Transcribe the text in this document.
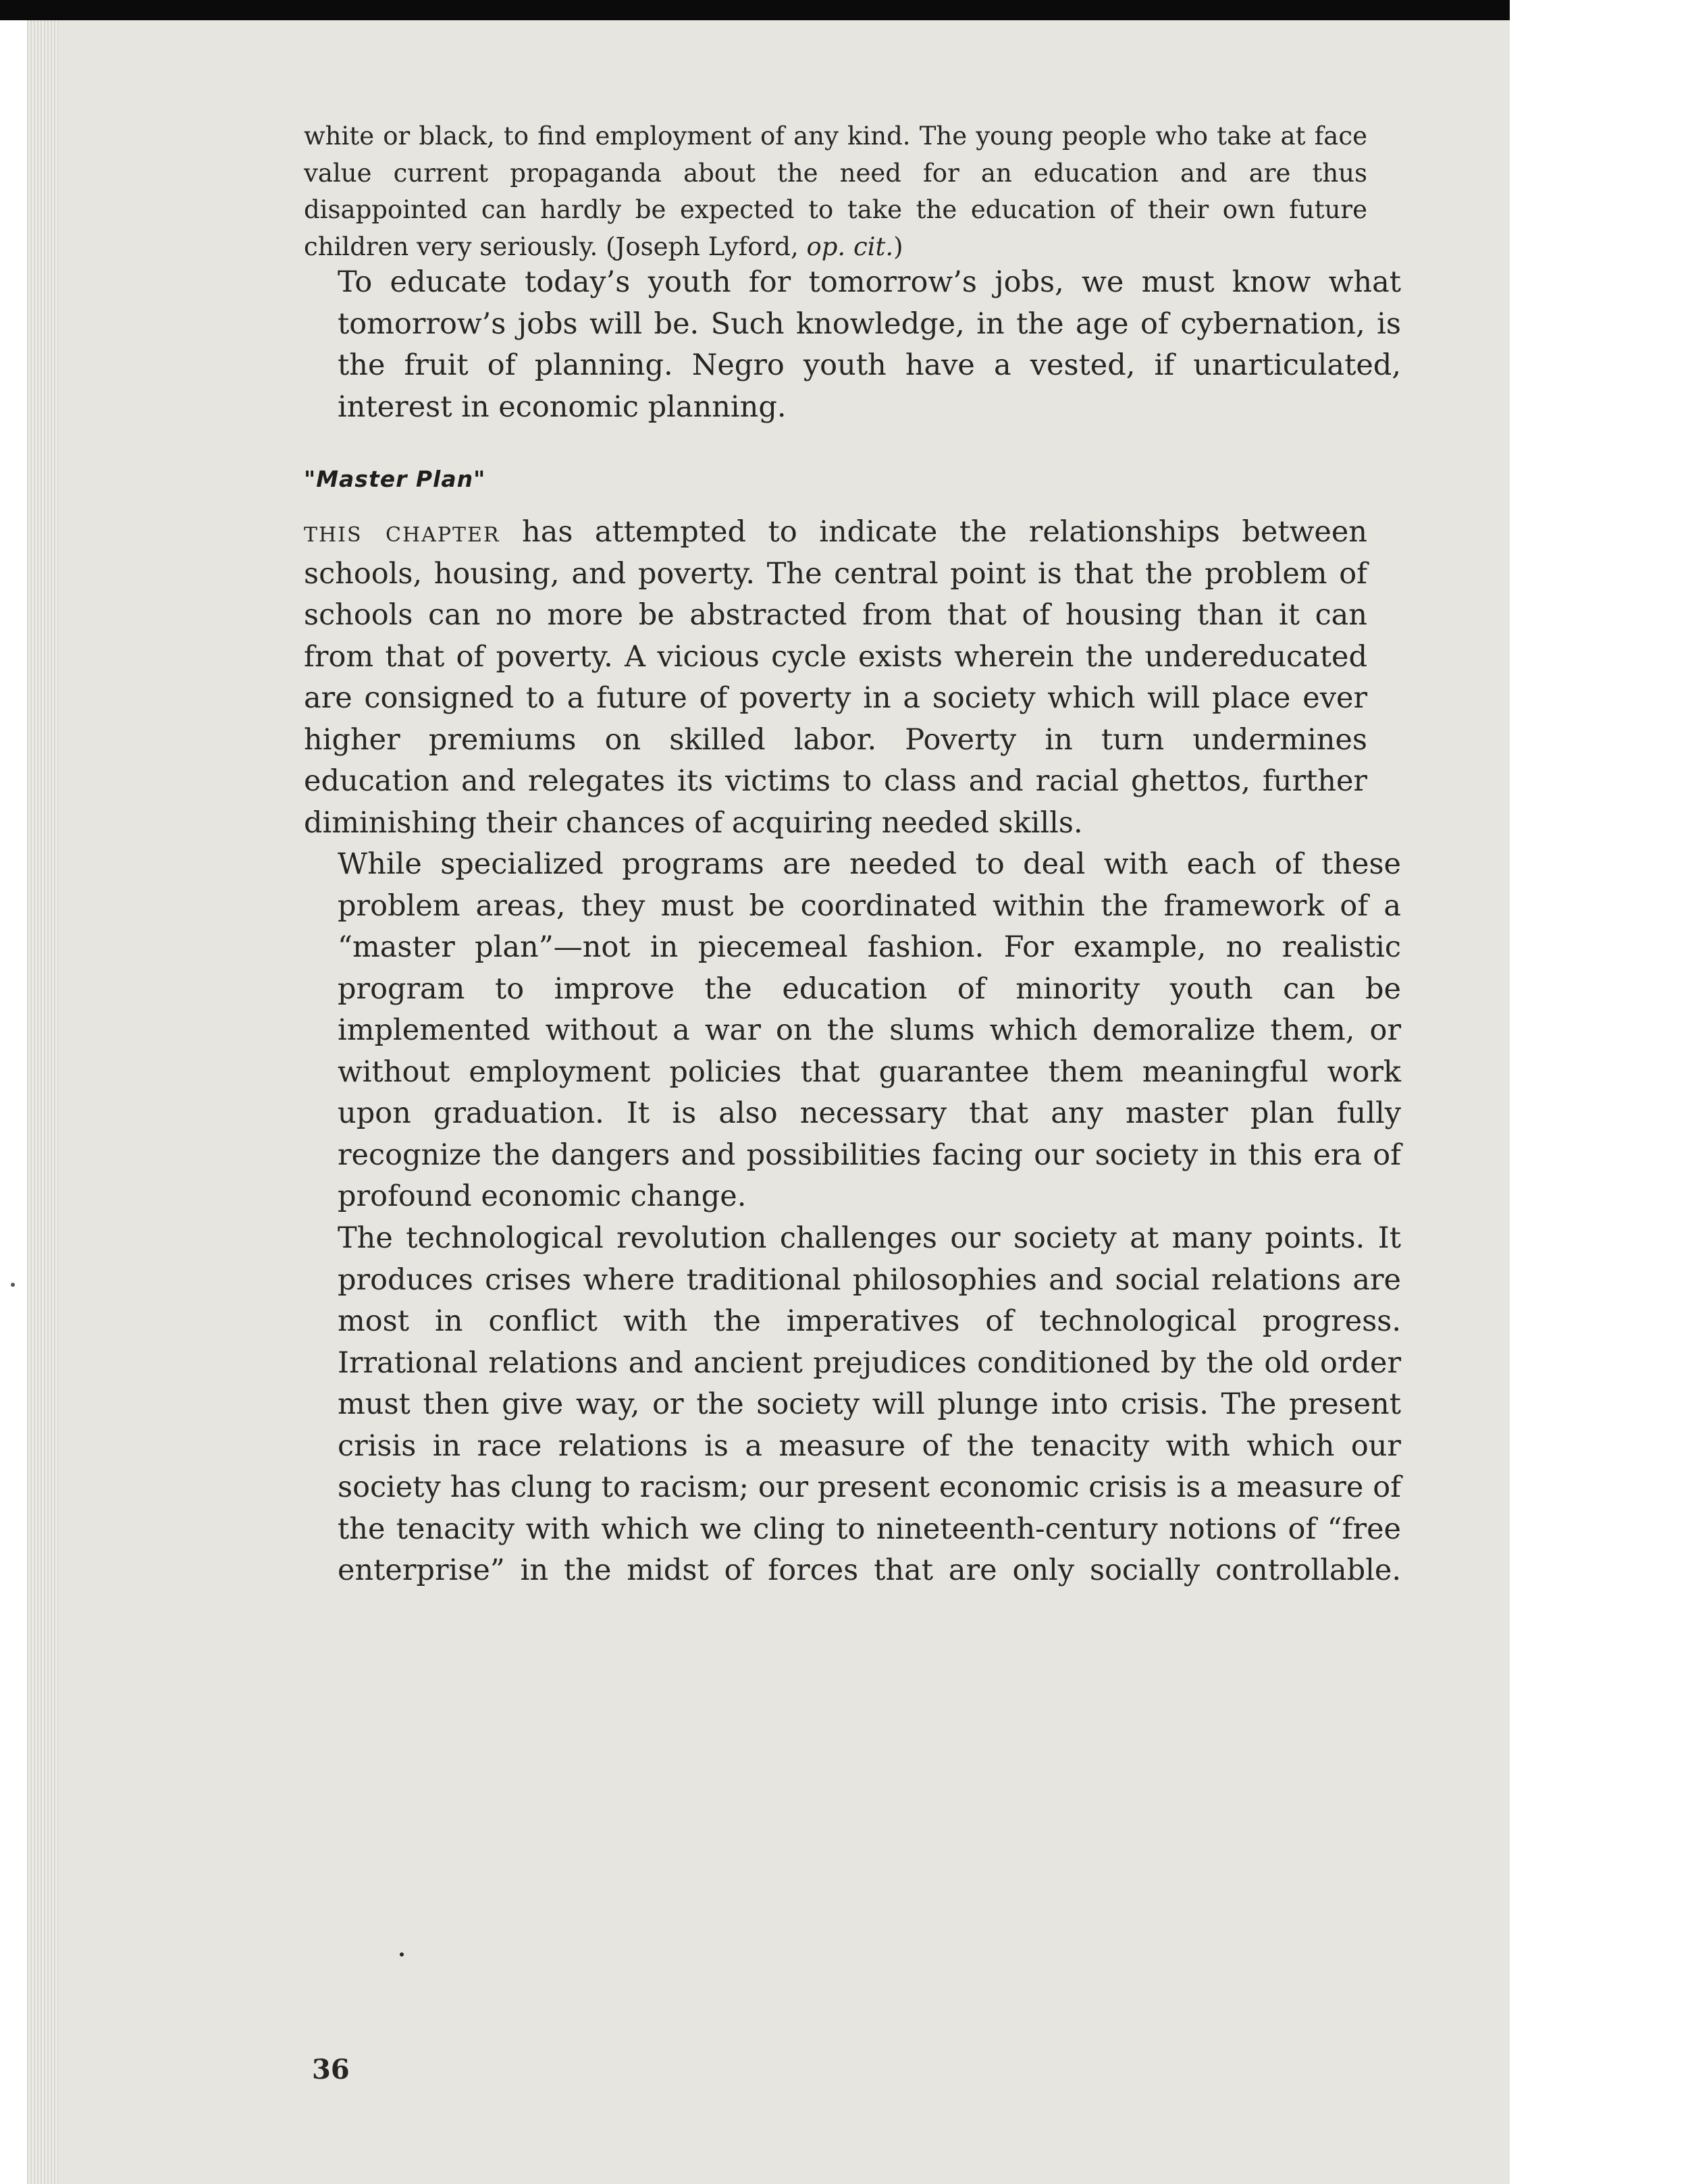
white or black, to find employment of any kind. The young people who take at face value current propaganda about the need for an education and are thus disappointed can hardly be expected to take the education of their own future children very seriously. (Joseph Lyford, op. cit.)
To educate today’s youth for tomorrow’s jobs, we must know what tomorrow’s jobs will be. Such knowledge, in the age of cybernation, is the fruit of planning. Negro youth have a vested, if unarticulated, interest in economic planning.
"Master Plan"
this chapter has attempted to indicate the relationships between schools, housing, and poverty. The central point is that the problem of schools can no more be abstracted from that of housing than it can from that of poverty. A vicious cycle exists wherein the undereducated are consigned to a future of poverty in a society which will place ever higher premiums on skilled labor. Poverty in turn undermines education and relegates its victims to class and racial ghettos, further diminishing their chances of acquiring needed skills.
While specialized programs are needed to deal with each of these problem areas, they must be coordinated within the framework of a “master plan”—not in piecemeal fashion. For example, no realistic program to improve the education of minority youth can be implemented without a war on the slums which demoralize them, or without employment policies that guarantee them meaningful work upon graduation. It is also necessary that any master plan fully recognize the dangers and possibilities facing our society in this era of profound economic change.
The technological revolution challenges our society at many points. It produces crises where traditional philosophies and social relations are most in conflict with the imperatives of technological progress. Irrational relations and ancient prejudices conditioned by the old order must then give way, or the society will plunge into crisis. The present crisis in race relations is a measure of the tenacity with which our society has clung to racism; our present economic crisis is a measure of the tenacity with which we cling to nineteenth-century notions of “free enterprise” in the midst of forces that are only socially controllable.
36
